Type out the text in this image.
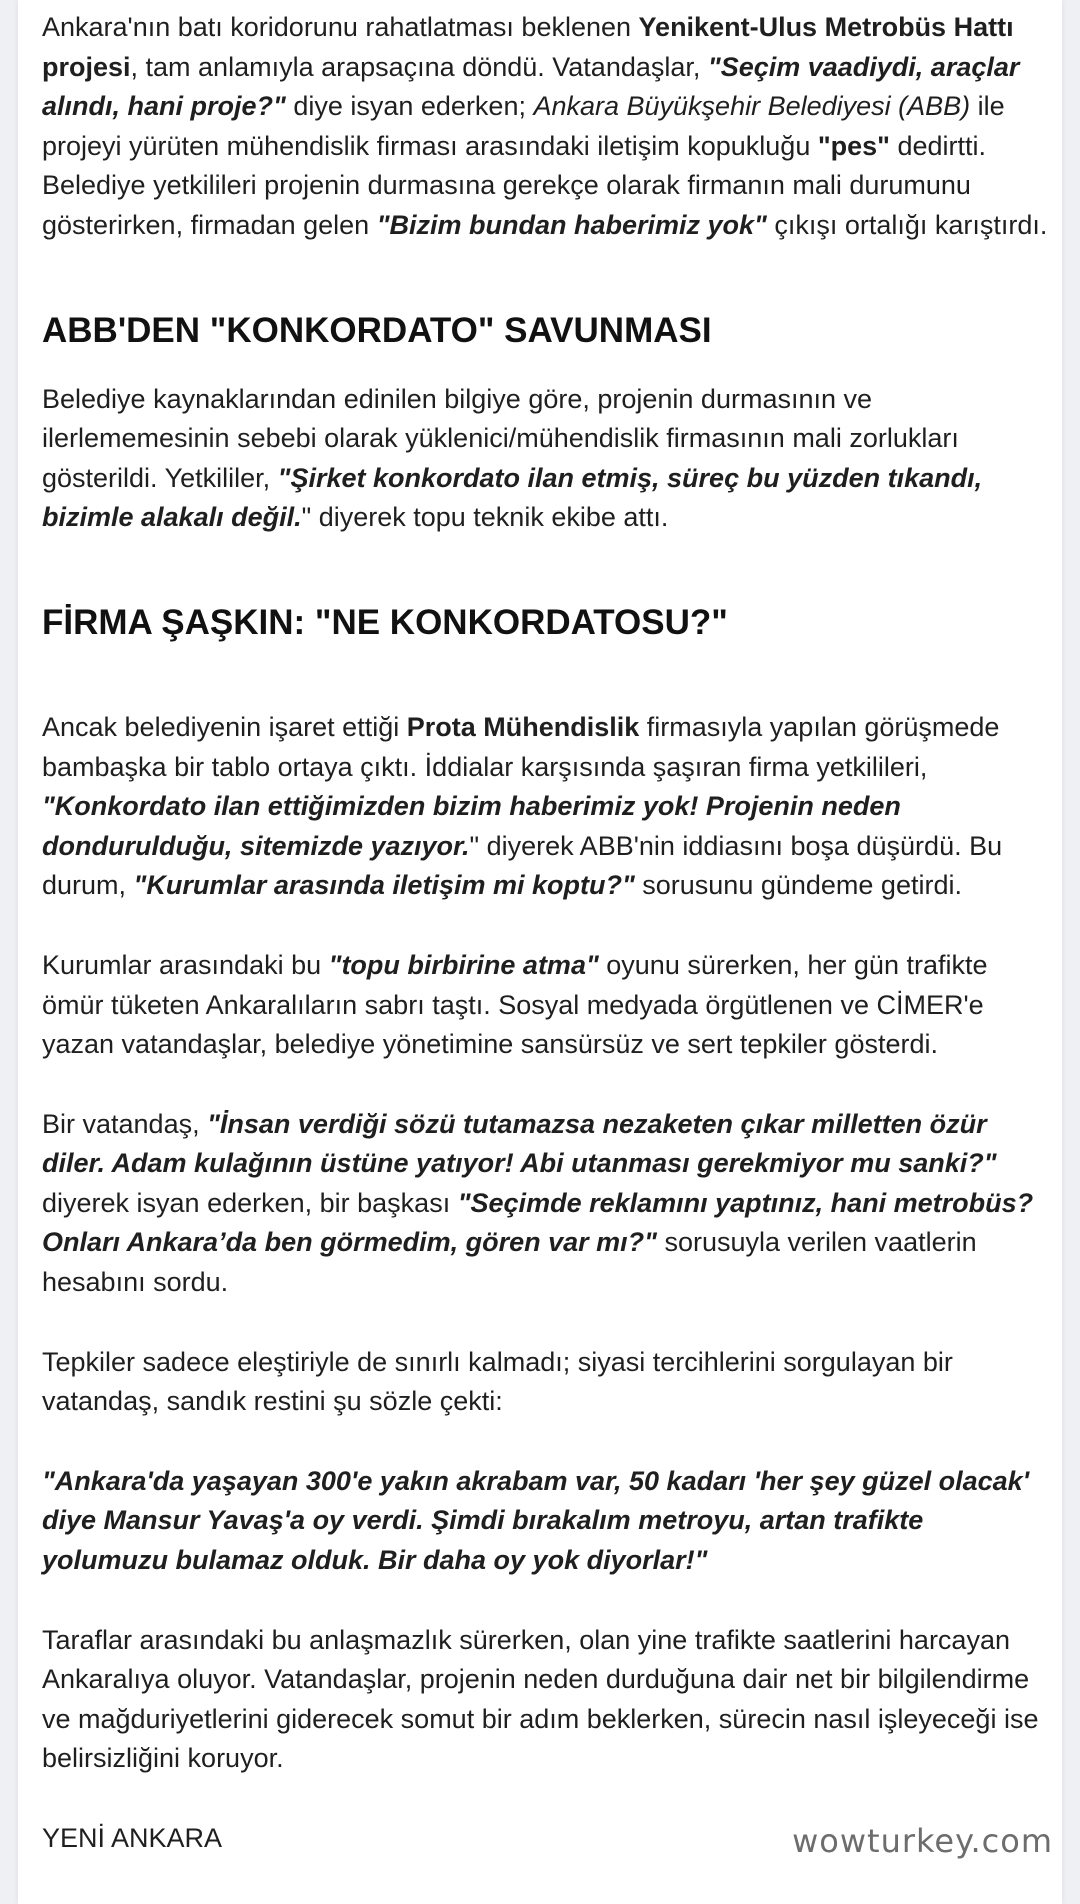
Ankara'nın batı koridorunu rahatlatması beklenen Yenikent-Ulus Metrobüs Hattı projesi, tam anlamıyla arapsaçına döndü. Vatandaşlar, "Seçim vaadiydi, araçlar alındı, hani proje?" diye isyan ederken; Ankara Büyükşehir Belediyesi (ABB) ile projeyi yürüten mühendislik firması arasındaki iletişim kopukluğu "pes" dedirtti. Belediye yetkilileri projenin durmasına gerekçe olarak firmanın mali durumunu gösterirken, firmadan gelen "Bizim bundan haberimiz yok" çıkışı ortalığı karıştırdı.

ABB'DEN "KONKORDATO" SAVUNMASI

Belediye kaynaklarından edinilen bilgiye göre, projenin durmasının ve ilerlememesinin sebebi olarak yüklenici/mühendislik firmasının mali zorlukları gösterildi. Yetkililer, "Şirket konkordato ilan etmiş, süreç bu yüzden tıkandı, bizimle alakalı değil." diyerek topu teknik ekibe attı.

FİRMA ŞAŞKIN: "NE KONKORDATOSU?"

Ancak belediyenin işaret ettiği Prota Mühendislik firmasıyla yapılan görüşmede bambaşka bir tablo ortaya çıktı. İddialar karşısında şaşıran firma yetkilileri, "Konkordato ilan ettiğimizden bizim haberimiz yok! Projenin neden dondurulduğu, sitemizde yazıyor." diyerek ABB'nin iddiasını boşa düşürdü. Bu durum, "Kurumlar arasında iletişim mi koptu?" sorusunu gündeme getirdi.

Kurumlar arasındaki bu "topu birbirine atma" oyunu sürerken, her gün trafikte ömür tüketen Ankaralıların sabrı taştı. Sosyal medyada örgütlenen ve CİMER'e yazan vatandaşlar, belediye yönetimine sansürsüz ve sert tepkiler gösterdi.

Bir vatandaş, "İnsan verdiği sözü tutamazsa nezaketen çıkar milletten özür diler. Adam kulağının üstüne yatıyor! Abi utanması gerekmiyor mu sanki?" diyerek isyan ederken, bir başkası "Seçimde reklamını yaptınız, hani metrobüs? Onları Ankara’da ben görmedim, gören var mı?" sorusuyla verilen vaatlerin hesabını sordu.

Tepkiler sadece eleştiriyle de sınırlı kalmadı; siyasi tercihlerini sorgulayan bir vatandaş, sandık restini şu sözle çekti:

"Ankara'da yaşayan 300'e yakın akrabam var, 50 kadarı 'her şey güzel olacak' diye Mansur Yavaş'a oy verdi. Şimdi bırakalım metroyu, artan trafikte yolumuzu bulamaz olduk. Bir daha oy yok diyorlar!"

Taraflar arasındaki bu anlaşmazlık sürerken, olan yine trafikte saatlerini harcayan Ankaralıya oluyor. Vatandaşlar, projenin neden durduğuna dair net bir bilgilendirme ve mağduriyetlerini giderecek somut bir adım beklerken, sürecin nasıl işleyeceği ise belirsizliğini koruyor.

YENİ ANKARA	wowturkey.com
